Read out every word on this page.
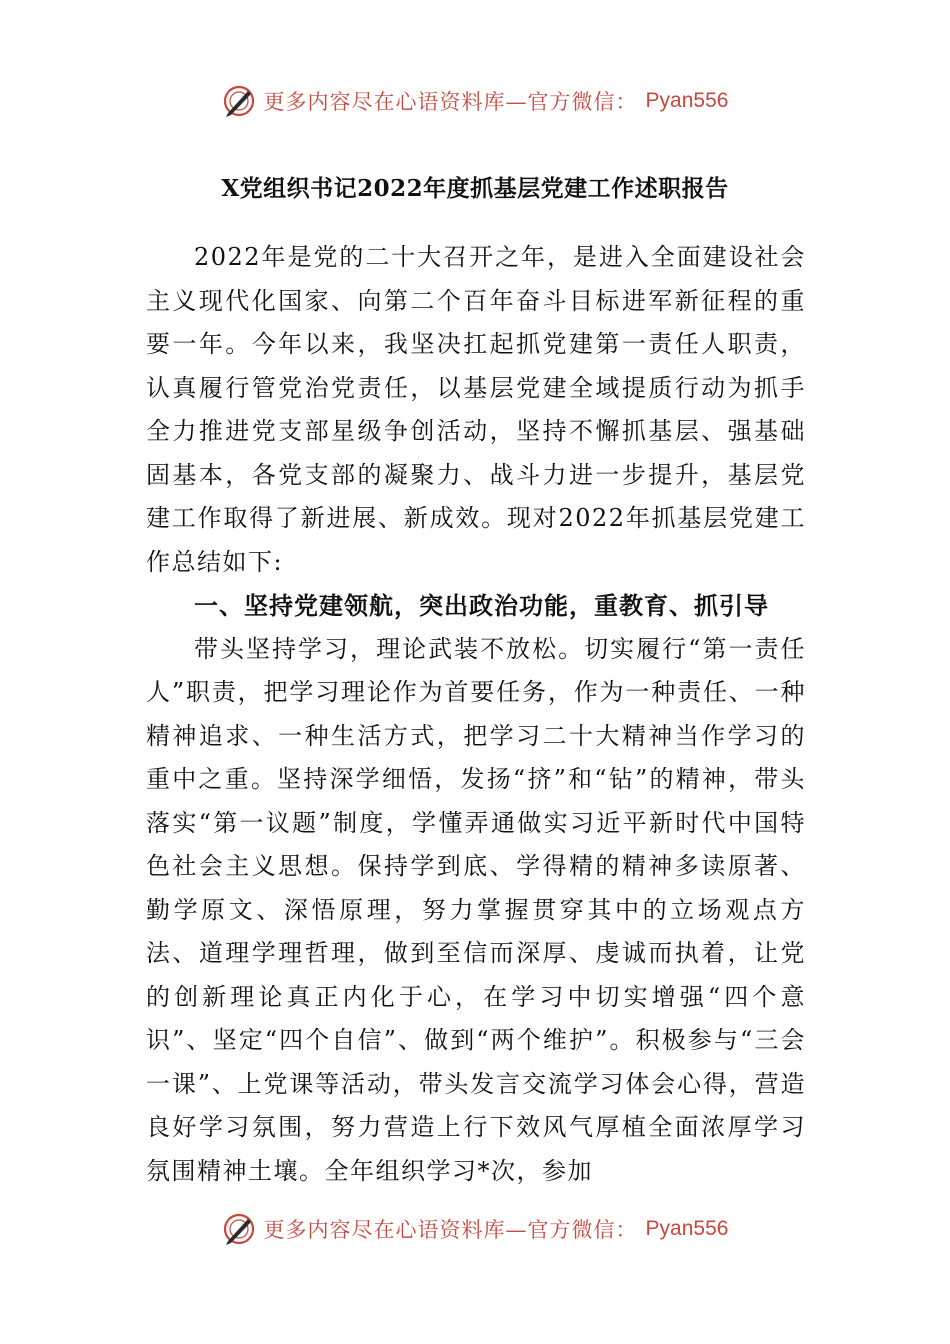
更多内容尽在心语资料库—官方微信： Pyan556
X党组织书记2022年度抓基层党建工作述职报告

2022年是党的二十大召开之年，是进入全面建设社会主义现代化国家、向第二个百年奋斗目标进军新征程的重要一年。今年以来，我坚决扛起抓党建第一责任人职责，认真履行管党治党责任，以基层党建全域提质行动为抓手全力推进党支部星级争创活动，坚持不懈抓基层、强基础固基本，各党支部的凝聚力、战斗力进一步提升，基层党建工作取得了新进展、新成效。现对2022年抓基层党建工作总结如下:

一、坚持党建领航，突出政治功能，重教育、抓引导

带头坚持学习，理论武装不放松。切实履行“第一责任人”职责，把学习理论作为首要任务，作为一种责任、一种精神追求、一种生活方式，把学习二十大精神当作学习的重中之重。坚持深学细悟，发扬“挤”和“钻”的精神，带头落实“第一议题”制度，学懂弄通做实习近平新时代中国特色社会主义思想。保持学到底、学得精的精神多读原著、勤学原文、深悟原理，努力掌握贯穿其中的立场观点方法、道理学理哲理，做到至信而深厚、虔诚而执着，让党的创新理论真正内化于心，在学习中切实增强“四个意识”、坚定“四个自信”、做到“两个维护”。积极参与“三会一课”、上党课等活动，带头发言交流学习体会心得，营造良好学习氛围，努力营造上行下效风气厚植全面浓厚学习氛围精神土壤。全年组织学习*次，参加

更多内容尽在心语资料库—官方微信： Pyan556
